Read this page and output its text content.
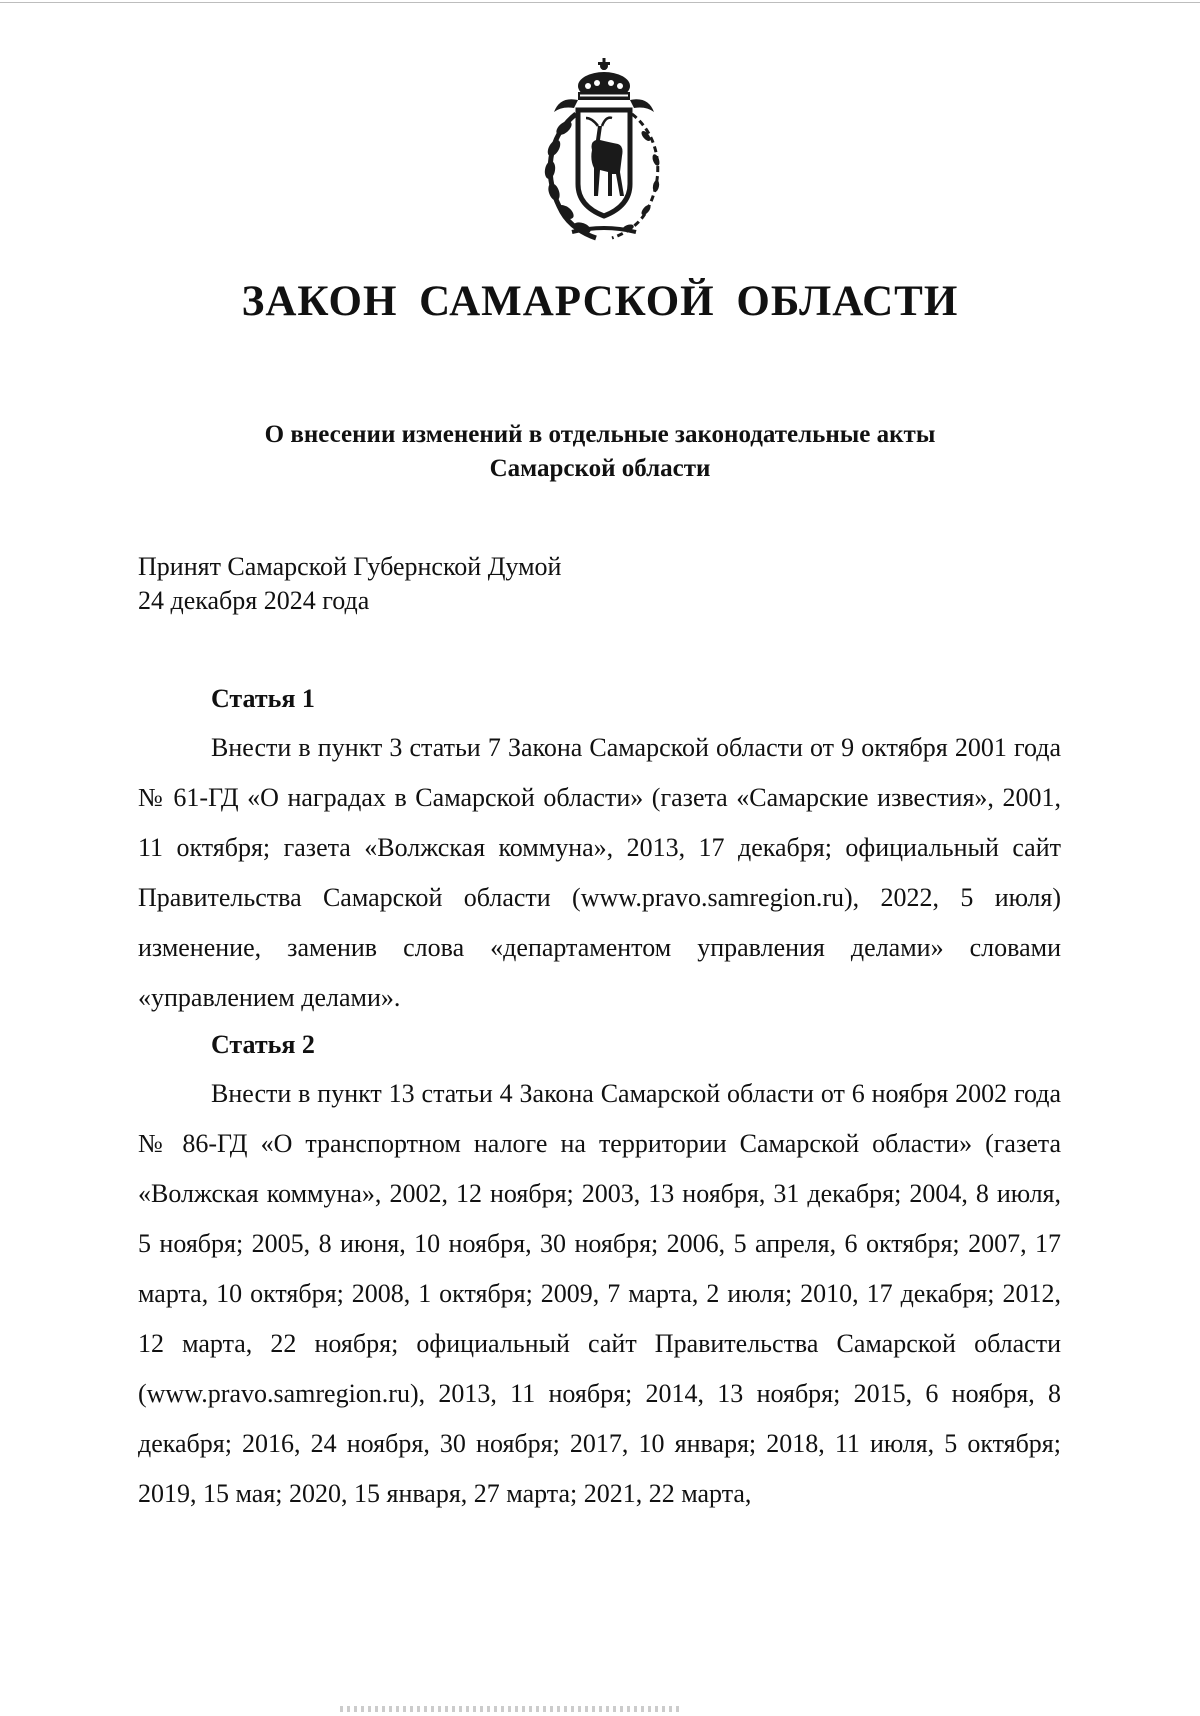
ЗАКОН САМАРСКОЙ ОБЛАСТИ
О внесении изменений в отдельные законодательные акты
Самарской области
Принят Самарской Губернской Думой
24 декабря 2024 года
Статья 1

Внести в пункт 3 статьи 7 Закона Самарской области от 9 октября 2001 года № 61-ГД «О наградах в Самарской области» (газета «Самарские известия», 2001, 11 октября; газета «Волжская коммуна», 2013, 17 декабря; официальный сайт Правительства Самарской области (www.pravo.samregion.ru), 2022, 5 июля) изменение, заменив слова «департаментом управления делами» словами «управлением делами».

Статья 2

Внести в пункт 13 статьи 4 Закона Самарской области от 6 ноября 2002 года № 86-ГД «О транспортном налоге на территории Самарской области» (газета «Волжская коммуна», 2002, 12 ноября; 2003, 13 ноября, 31 декабря; 2004, 8 июля, 5 ноября; 2005, 8 июня, 10 ноября, 30 ноября; 2006, 5 апреля, 6 октября; 2007, 17 марта, 10 октября; 2008, 1 октября; 2009, 7 марта, 2 июля; 2010, 17 декабря; 2012, 12 марта, 22 ноября; официальный сайт Правительства Самарской области (www.pravo.samregion.ru), 2013, 11 ноября; 2014, 13 ноября; 2015, 6 ноября, 8 декабря; 2016, 24 ноября, 30 ноября; 2017, 10 января; 2018, 11 июля, 5 октября; 2019, 15 мая; 2020, 15 января, 27 марта; 2021, 22 марта,
